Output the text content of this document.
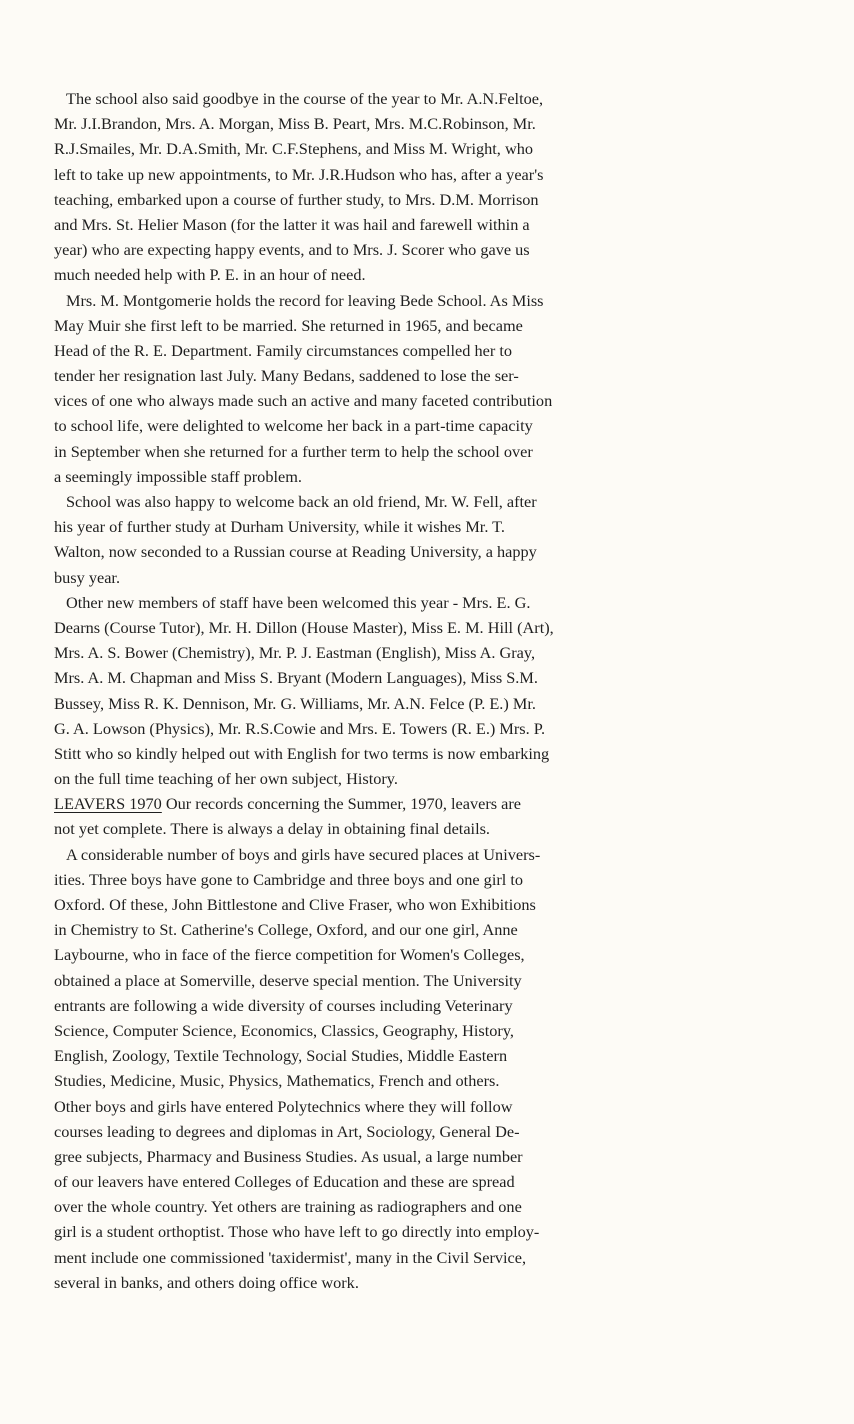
The school also said goodbye in the course of the year to Mr. A.N.Feltoe,
Mr. J.I.Brandon, Mrs. A. Morgan, Miss B. Peart, Mrs. M.C.Robinson, Mr.
R.J.Smailes, Mr. D.A.Smith, Mr. C.F.Stephens, and Miss M. Wright, who
left to take up new appointments, to Mr. J.R.Hudson who has, after a year's
teaching, embarked upon a course of further study, to Mrs. D.M. Morrison
and Mrs. St. Helier Mason (for the latter it was hail and farewell within a
year) who are expecting happy events, and to Mrs. J. Scorer who gave us
much needed help with P. E. in an hour of need.
Mrs. M. Montgomerie holds the record for leaving Bede School. As Miss
May Muir she first left to be married. She returned in 1965, and became
Head of the R. E. Department. Family circumstances compelled her to
tender her resignation last July. Many Bedans, saddened to lose the ser-
vices of one who always made such an active and many faceted contribution
to school life, were delighted to welcome her back in a part-time capacity
in September when she returned for a further term to help the school over
a seemingly impossible staff problem.
School was also happy to welcome back an old friend, Mr. W. Fell, after
his year of further study at Durham University, while it wishes Mr. T.
Walton, now seconded to a Russian course at Reading University, a happy
busy year.
Other new members of staff have been welcomed this year - Mrs. E. G.
Dearns (Course Tutor), Mr. H. Dillon (House Master), Miss E. M. Hill (Art),
Mrs. A. S. Bower (Chemistry), Mr. P. J. Eastman (English), Miss A. Gray,
Mrs. A. M. Chapman and Miss S. Bryant (Modern Languages), Miss S.M.
Bussey, Miss R. K. Dennison, Mr. G. Williams, Mr. A.N. Felce (P. E.) Mr.
G. A. Lowson (Physics), Mr. R.S.Cowie and Mrs. E. Towers (R. E.) Mrs. P.
Stitt who so kindly helped out with English for two terms is now embarking
on the full time teaching of her own subject, History.
LEAVERS 1970 Our records concerning the Summer, 1970, leavers are
not yet complete. There is always a delay in obtaining final details.
A considerable number of boys and girls have secured places at Univers-
ities. Three boys have gone to Cambridge and three boys and one girl to
Oxford. Of these, John Bittlestone and Clive Fraser, who won Exhibitions
in Chemistry to St. Catherine's College, Oxford, and our one girl, Anne
Laybourne, who in face of the fierce competition for Women's Colleges,
obtained a place at Somerville, deserve special mention. The University
entrants are following a wide diversity of courses including Veterinary
Science, Computer Science, Economics, Classics, Geography, History,
English, Zoology, Textile Technology, Social Studies, Middle Eastern
Studies, Medicine, Music, Physics, Mathematics, French and others.
Other boys and girls have entered Polytechnics where they will follow
courses leading to degrees and diplomas in Art, Sociology, General De-
gree subjects, Pharmacy and Business Studies. As usual, a large number
of our leavers have entered Colleges of Education and these are spread
over the whole country. Yet others are training as radiographers and one
girl is a student orthoptist. Those who have left to go directly into employ-
ment include one commissioned 'taxidermist', many in the Civil Service,
several in banks, and others doing office work.
